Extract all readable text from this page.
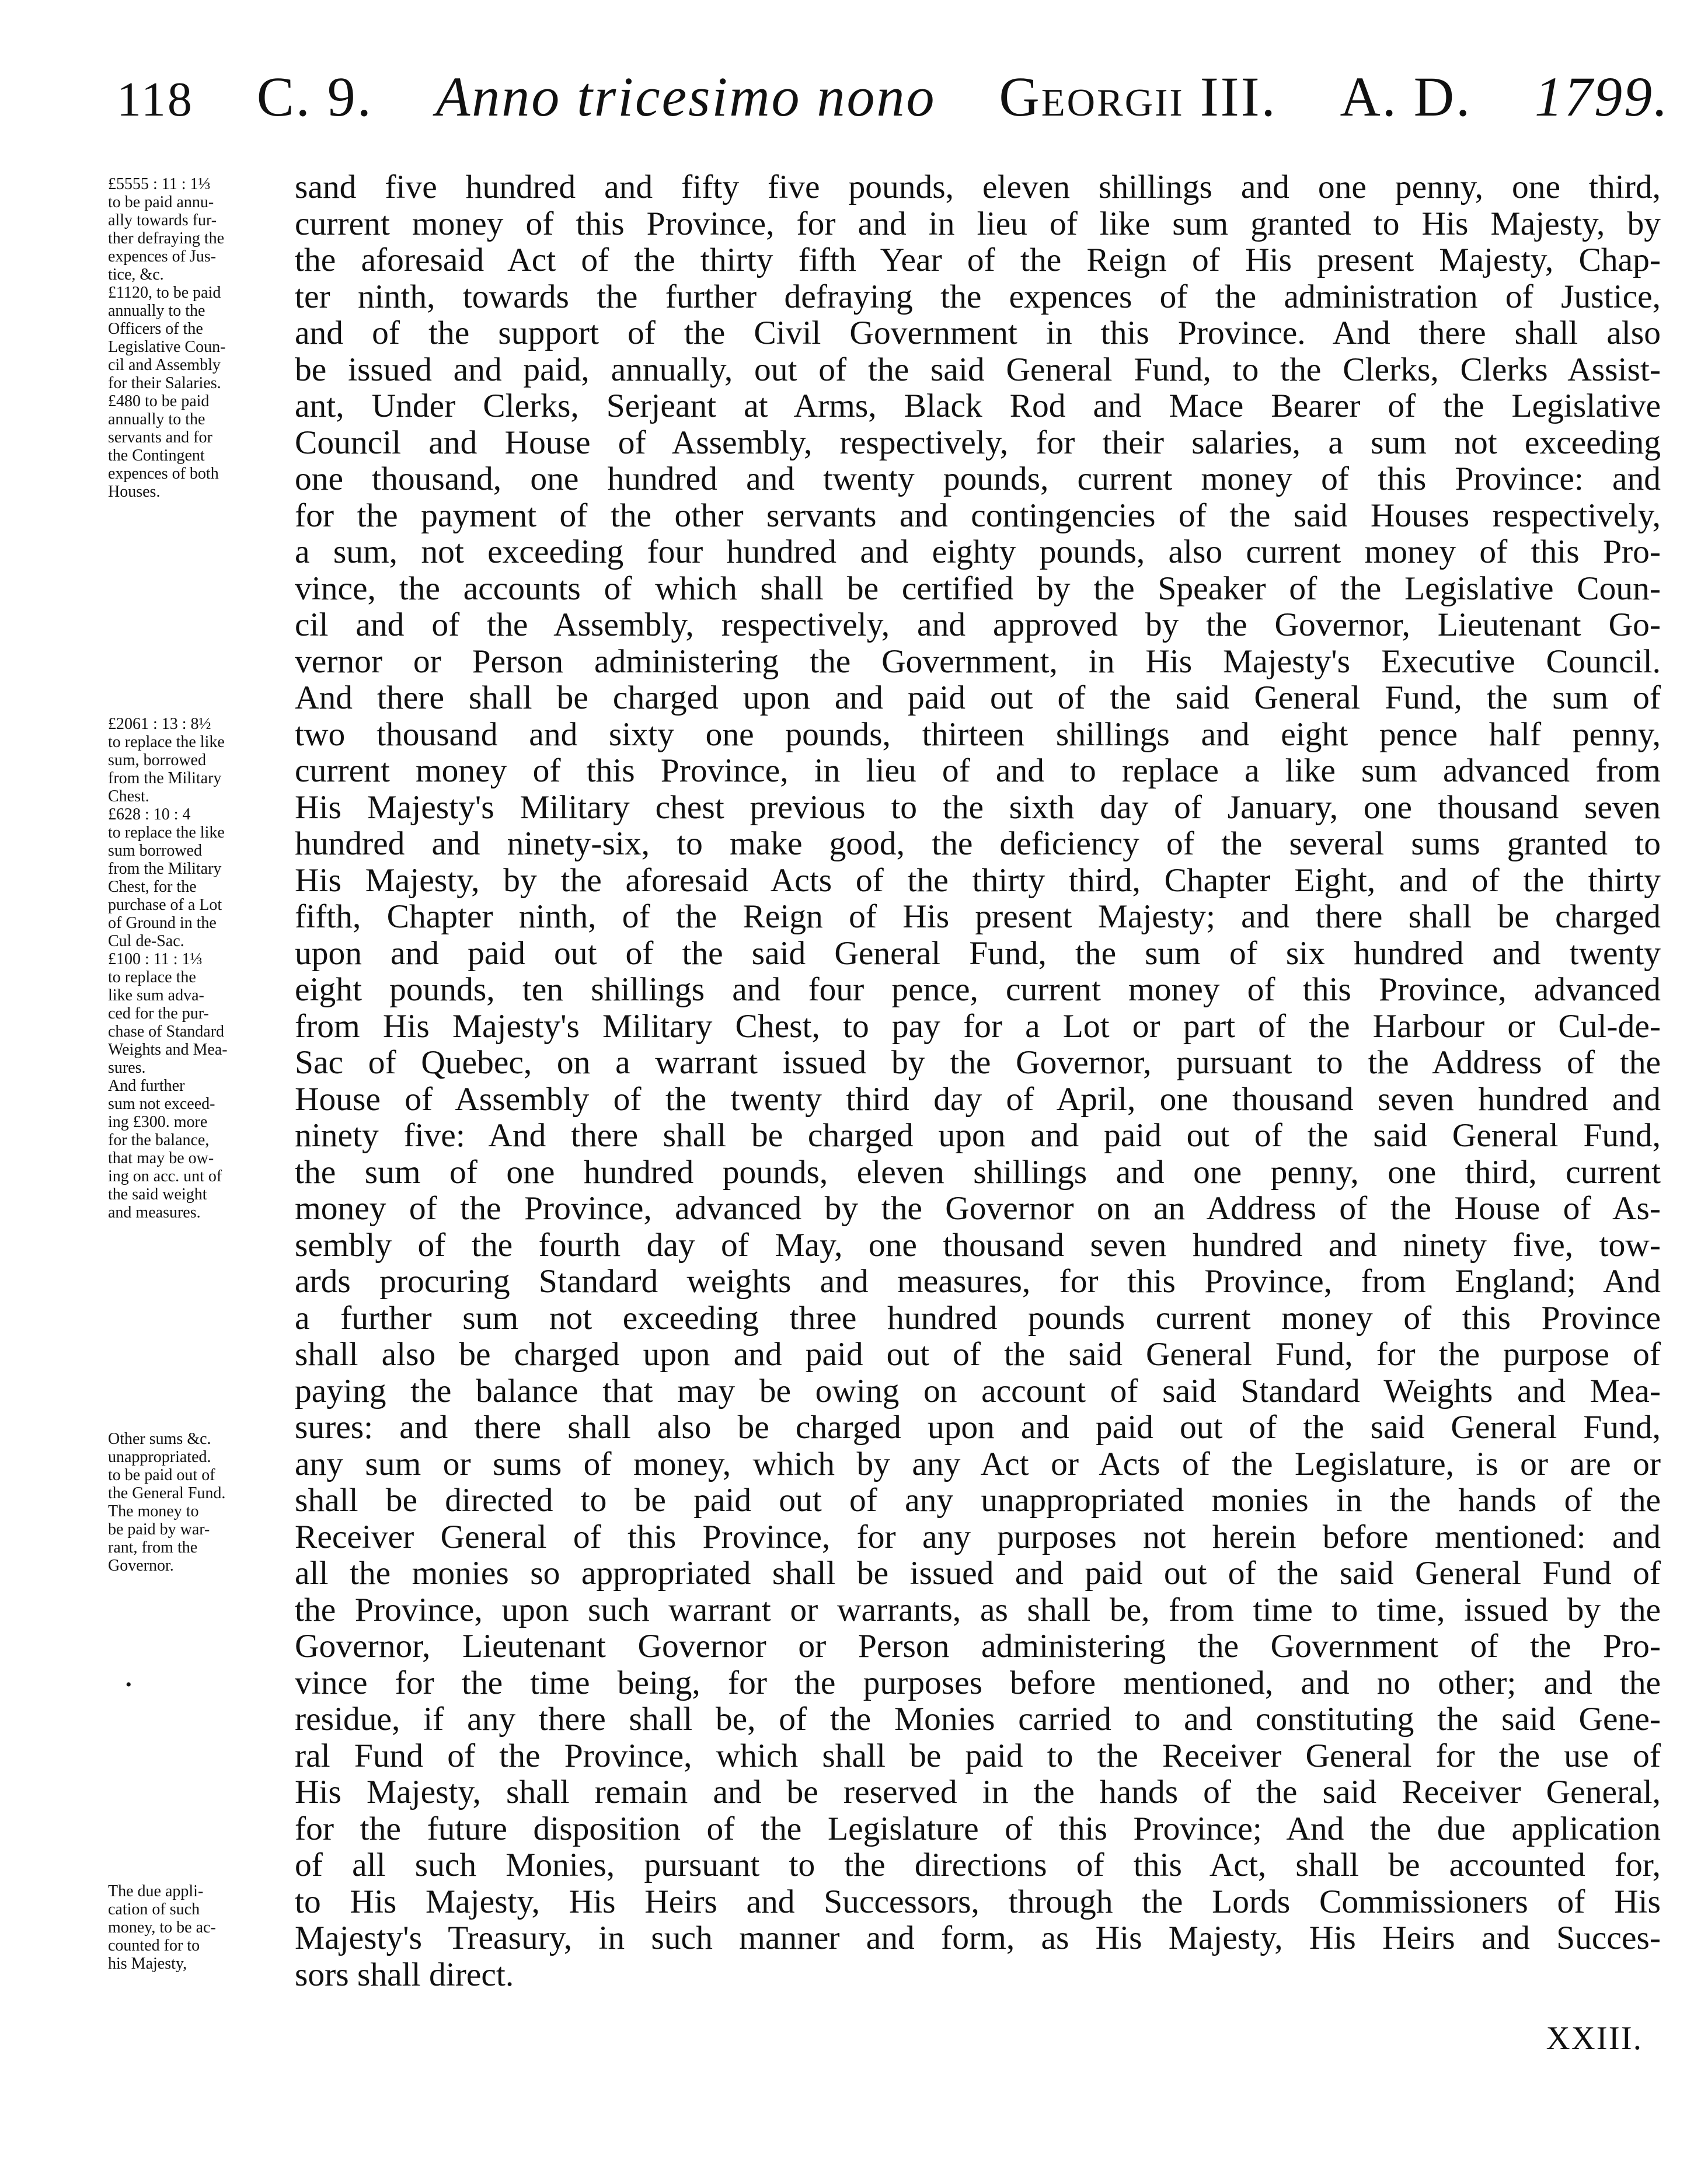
118 C. 9. Anno tricesimo nono Georgii III. A. D. 1799.
£5555 : 11 : 1⅓
to be paid annu-
ally towards fur-
ther defraying the
expences of Jus-
tice, &c.
£1120, to be paid
annually to the
Officers of the
Legislative Coun-
cil and Assembly
for their Salaries.
£480 to be paid
annually to the
servants and for
the Contingent
expences of both
Houses.
£2061 : 13 : 8½
to replace the like
sum, borrowed
from the Military
Chest.
£628 : 10 : 4
to replace the like
sum borrowed
from the Military
Chest, for the
purchase of a Lot
of Ground in the
Cul de-Sac.
£100 : 11 : 1⅓
to replace the
like sum adva-
ced for the pur-
chase of Standard
Weights and Mea-
sures.
And further
sum not exceed-
ing £300. more
for the balance,
that may be ow-
ing on acc. unt of
the said weight
and measures.
Other sums &c.
unappropriated.
to be paid out of
the General Fund.
The money to
be paid by war-
rant, from the
Governor.
•
The due appli-
cation of such
money, to be ac-
counted for to
his Majesty,
sand five hundred and fifty five pounds, eleven shillings and one penny, one third,
current money of this Province, for and in lieu of like sum granted to His Majesty, by
the aforesaid Act of the thirty fifth Year of the Reign of His present Majesty, Chap-
ter ninth, towards the further defraying the expences of the administration of Justice,
and of the support of the Civil Government in this Province. And there shall also
be issued and paid, annually, out of the said General Fund, to the Clerks, Clerks Assist-
ant, Under Clerks, Serjeant at Arms, Black Rod and Mace Bearer of the Legislative
Council and House of Assembly, respectively, for their salaries, a sum not exceeding
one thousand, one hundred and twenty pounds, current money of this Province: and
for the payment of the other servants and contingencies of the said Houses respectively,
a sum, not exceeding four hundred and eighty pounds, also current money of this Pro-
vince, the accounts of which shall be certified by the Speaker of the Legislative Coun-
cil and of the Assembly, respectively, and approved by the Governor, Lieutenant Go-
vernor or Person administering the Government, in His Majesty's Executive Council.
And there shall be charged upon and paid out of the said General Fund, the sum of
two thousand and sixty one pounds, thirteen shillings and eight pence half penny,
current money of this Province, in lieu of and to replace a like sum advanced from
His Majesty's Military chest previous to the sixth day of January, one thousand seven
hundred and ninety-six, to make good, the deficiency of the several sums granted to
His Majesty, by the aforesaid Acts of the thirty third, Chapter Eight, and of the thirty
fifth, Chapter ninth, of the Reign of His present Majesty; and there shall be charged
upon and paid out of the said General Fund, the sum of six hundred and twenty
eight pounds, ten shillings and four pence, current money of this Province, advanced
from His Majesty's Military Chest, to pay for a Lot or part of the Harbour or Cul-de-
Sac of Quebec, on a warrant issued by the Governor, pursuant to the Address of the
House of Assembly of the twenty third day of April, one thousand seven hundred and
ninety five: And there shall be charged upon and paid out of the said General Fund,
the sum of one hundred pounds, eleven shillings and one penny, one third, current
money of the Province, advanced by the Governor on an Address of the House of As-
sembly of the fourth day of May, one thousand seven hundred and ninety five, tow-
ards procuring Standard weights and measures, for this Province, from England; And
a further sum not exceeding three hundred pounds current money of this Province
shall also be charged upon and paid out of the said General Fund, for the purpose of
paying the balance that may be owing on account of said Standard Weights and Mea-
sures: and there shall also be charged upon and paid out of the said General Fund,
any sum or sums of money, which by any Act or Acts of the Legislature, is or are or
shall be directed to be paid out of any unappropriated monies in the hands of the
Receiver General of this Province, for any purposes not herein before mentioned: and
all the monies so appropriated shall be issued and paid out of the said General Fund of
the Province, upon such warrant or warrants, as shall be, from time to time, issued by the
Governor, Lieutenant Governor or Person administering the Government of the Pro-
vince for the time being, for the purposes before mentioned, and no other; and the
residue, if any there shall be, of the Monies carried to and constituting the said Gene-
ral Fund of the Province, which shall be paid to the Receiver General for the use of
His Majesty, shall remain and be reserved in the hands of the said Receiver General,
for the future disposition of the Legislature of this Province; And the due application
of all such Monies, pursuant to the directions of this Act, shall be accounted for,
to His Majesty, His Heirs and Successors, through the Lords Commissioners of His
Majesty's Treasury, in such manner and form, as His Majesty, His Heirs and Succes-
sors shall direct.
XXIII.
